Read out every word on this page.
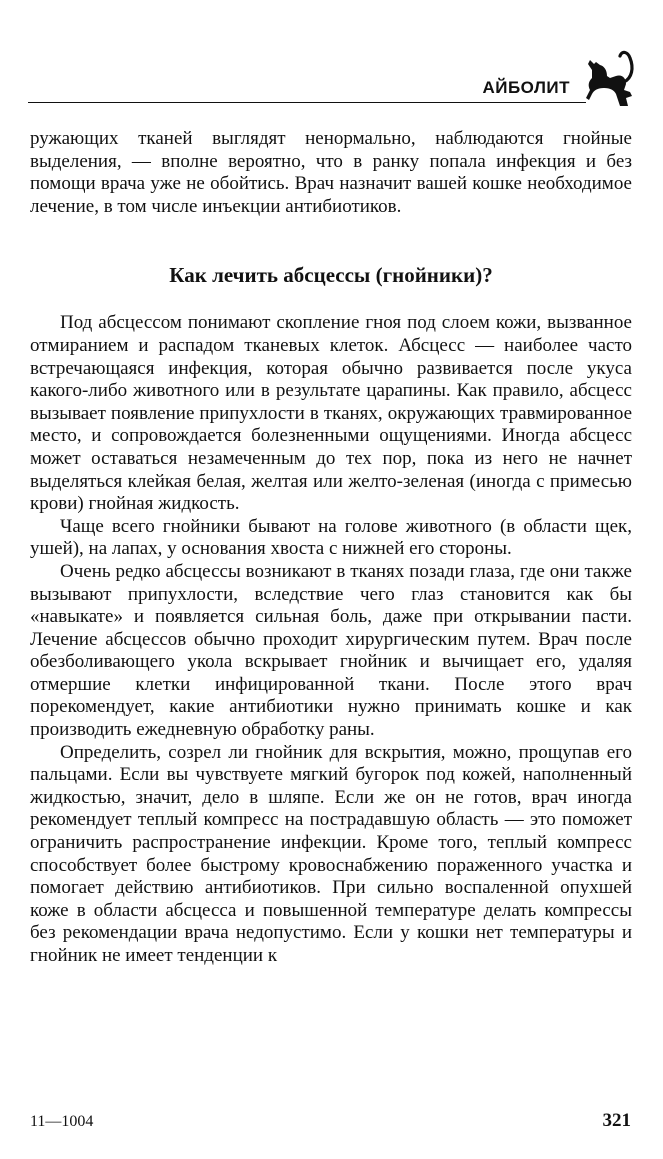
АЙБОЛИТ

ружающих тканей выглядят ненормально, наблюдаются гнойные выделения, — вполне вероятно, что в ранку попала инфекция и без помощи врача уже не обойтись. Врач назначит вашей кошке необходимое лечение, в том числе инъекции антибиотиков.

Как лечить абсцессы (гнойники)?

Под абсцессом понимают скопление гноя под слоем кожи, вызванное отмиранием и распадом тканевых клеток. Абсцесс — наиболее часто встречающаяся инфекция, которая обычно развивается после укуса какого-либо животного или в результате царапины. Как правило, абсцесс вызывает появление припухлости в тканях, окружающих травмированное место, и сопровождается болезненными ощущениями. Иногда абсцесс может оставаться незамеченным до тех пор, пока из него не начнет выделяться клейкая белая, желтая или желто-зеленая (иногда с примесью крови) гнойная жидкость.

Чаще всего гнойники бывают на голове животного (в области щек, ушей), на лапах, у основания хвоста с нижней его стороны.

Очень редко абсцессы возникают в тканях позади глаза, где они также вызывают припухлости, вследствие чего глаз становится как бы «навыкате» и появляется сильная боль, даже при открывании пасти. Лечение абсцессов обычно проходит хирургическим путем. Врач после обезболивающего укола вскрывает гнойник и вычищает его, удаляя отмершие клетки инфицированной ткани. После этого врач порекомендует, какие антибиотики нужно принимать кошке и как производить ежедневную обработку раны.

Определить, созрел ли гнойник для вскрытия, можно, прощупав его пальцами. Если вы чувствуете мягкий бугорок под кожей, наполненный жидкостью, значит, дело в шляпе. Если же он не готов, врач иногда рекомендует теплый компресс на пострадавшую область — это поможет ограничить распространение инфекции. Кроме того, теплый компресс способствует более быстрому кровоснабжению пораженного участка и помогает действию антибиотиков. При сильно воспаленной опухшей коже в области абсцесса и повышенной температуре делать компрессы без рекомендации врача недопустимо. Если у кошки нет температуры и гнойник не имеет тенденции к

11—1004	321
